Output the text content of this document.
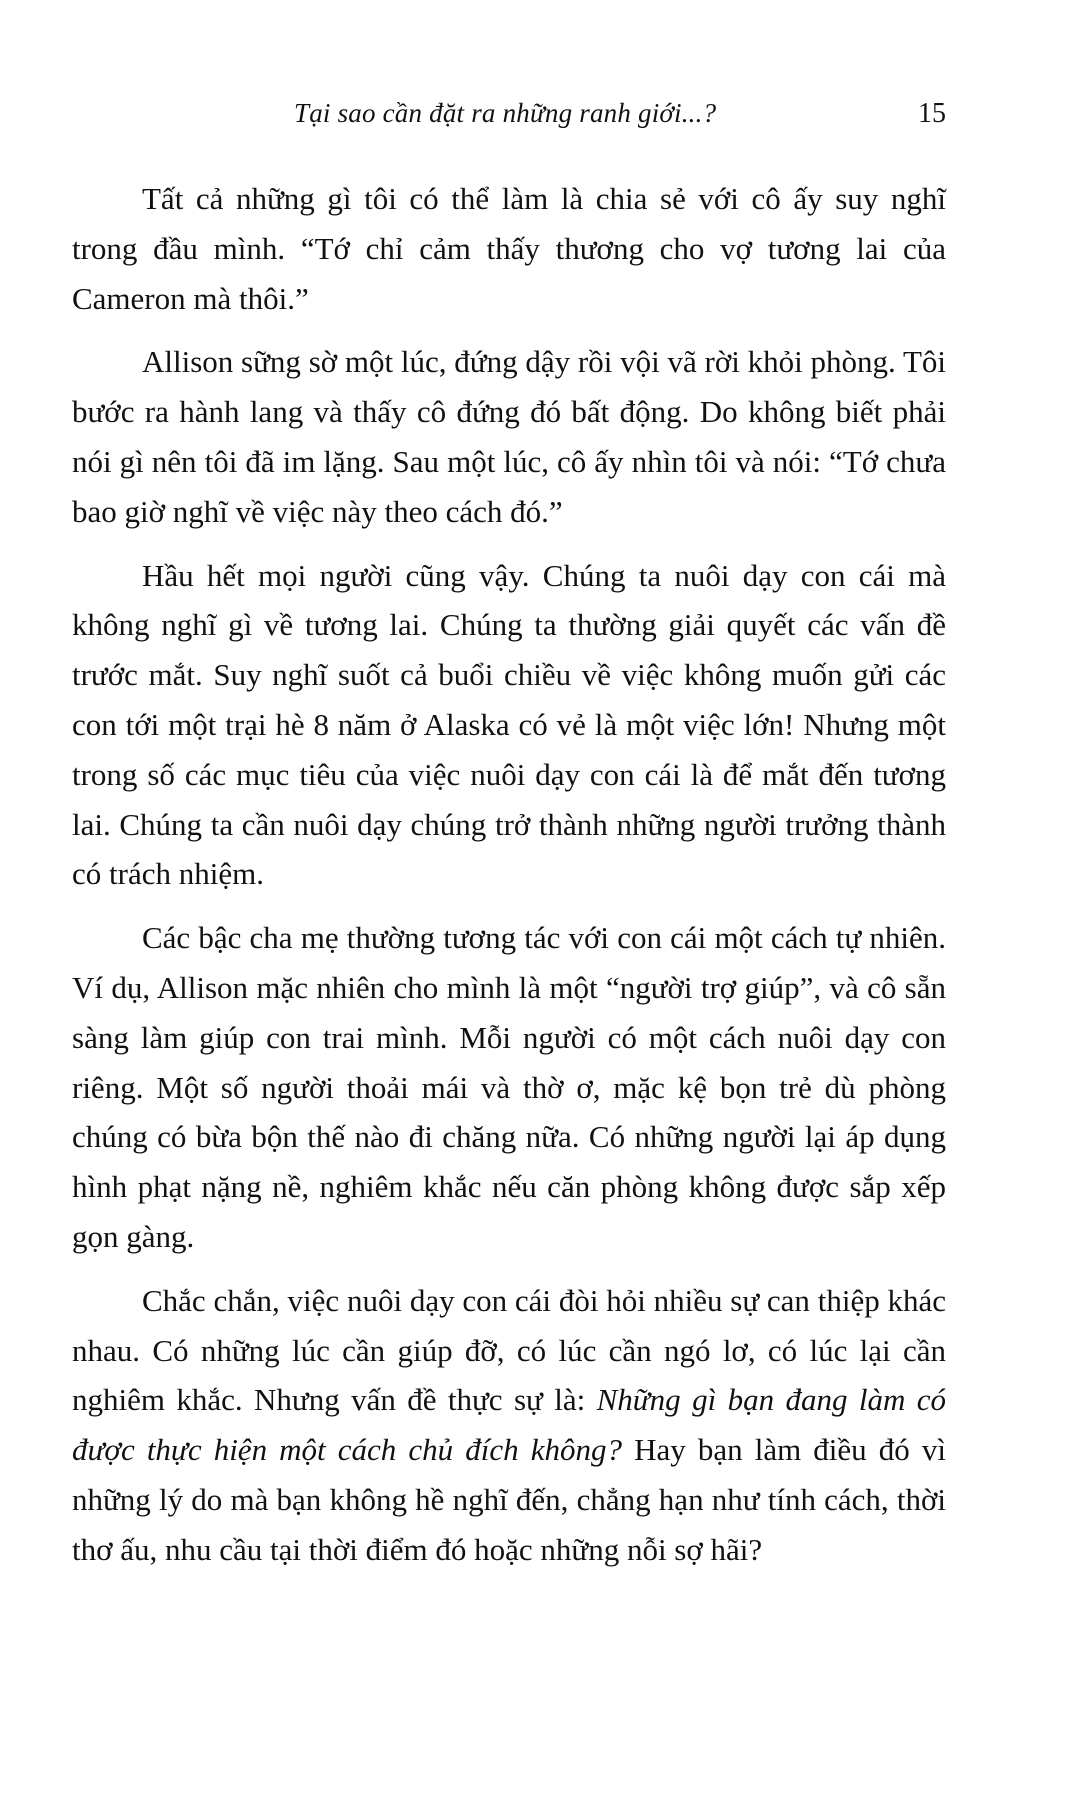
Tại sao cần đặt ra những ranh giới...?	15

Tất cả những gì tôi có thể làm là chia sẻ với cô ấy suy nghĩ trong đầu mình. “Tớ chỉ cảm thấy thương cho vợ tương lai của Cameron mà thôi.”

Allison sững sờ một lúc, đứng dậy rồi vội vã rời khỏi phòng. Tôi bước ra hành lang và thấy cô đứng đó bất động. Do không biết phải nói gì nên tôi đã im lặng. Sau một lúc, cô ấy nhìn tôi và nói: “Tớ chưa bao giờ nghĩ về việc này theo cách đó.”

Hầu hết mọi người cũng vậy. Chúng ta nuôi dạy con cái mà không nghĩ gì về tương lai. Chúng ta thường giải quyết các vấn đề trước mắt. Suy nghĩ suốt cả buổi chiều về việc không muốn gửi các con tới một trại hè 8 năm ở Alaska có vẻ là một việc lớn! Nhưng một trong số các mục tiêu của việc nuôi dạy con cái là để mắt đến tương lai. Chúng ta cần nuôi dạy chúng trở thành những người trưởng thành có trách nhiệm.

Các bậc cha mẹ thường tương tác với con cái một cách tự nhiên. Ví dụ, Allison mặc nhiên cho mình là một “người trợ giúp”, và cô sẵn sàng làm giúp con trai mình. Mỗi người có một cách nuôi dạy con riêng. Một số người thoải mái và thờ ơ, mặc kệ bọn trẻ dù phòng chúng có bừa bộn thế nào đi chăng nữa. Có những người lại áp dụng hình phạt nặng nề, nghiêm khắc nếu căn phòng không được sắp xếp gọn gàng.

Chắc chắn, việc nuôi dạy con cái đòi hỏi nhiều sự can thiệp khác nhau. Có những lúc cần giúp đỡ, có lúc cần ngó lơ, có lúc lại cần nghiêm khắc. Nhưng vấn đề thực sự là: Những gì bạn đang làm có được thực hiện một cách chủ đích không? Hay bạn làm điều đó vì những lý do mà bạn không hề nghĩ đến, chẳng hạn như tính cách, thời thơ ấu, nhu cầu tại thời điểm đó hoặc những nỗi sợ hãi?
